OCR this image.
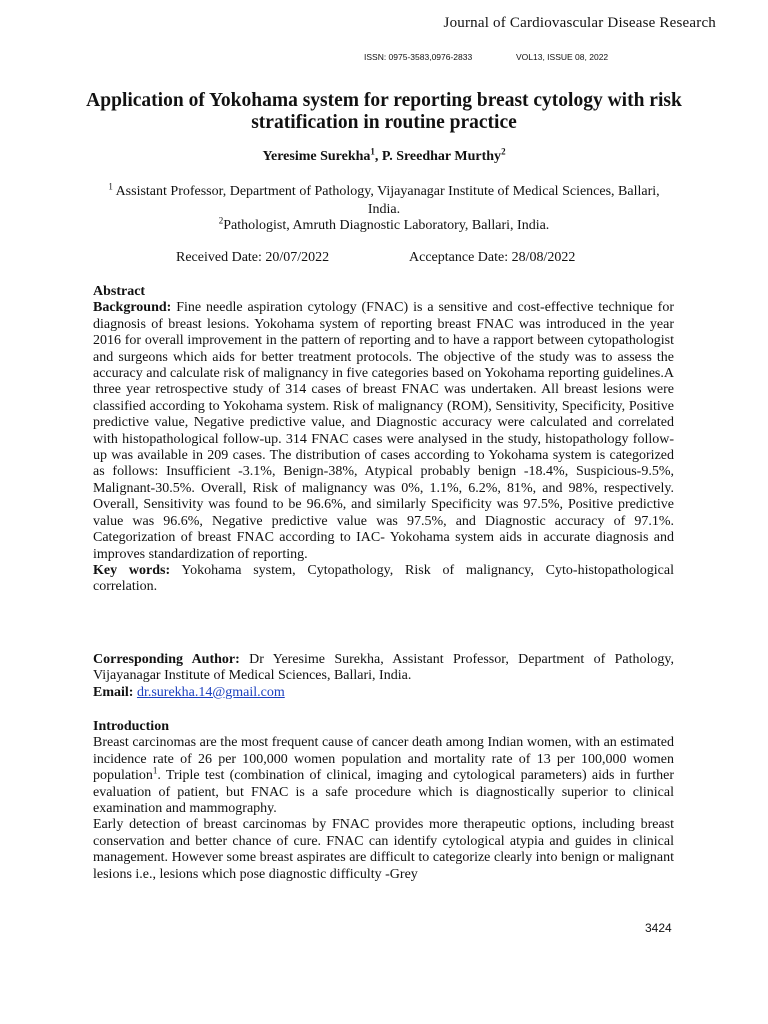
Journal of Cardiovascular Disease Research
ISSN: 0975-3583,0976-2833	VOL13, ISSUE 08, 2022
Application of Yokohama system for reporting breast cytology with risk stratification in routine practice
Yeresime Surekha$^1$, P. Sreedhar Murthy$^2$
$^1$ Assistant Professor, Department of Pathology, Vijayanagar Institute of Medical Sciences, Ballari, India.
$^2$Pathologist, Amruth Diagnostic Laboratory, Ballari, India.
Received Date: 20/07/2022	Acceptance Date: 28/08/2022

Abstract

Background: Fine needle aspiration cytology (FNAC) is a sensitive and cost-effective technique for diagnosis of breast lesions. Yokohama system of reporting breast FNAC was introduced in the year 2016 for overall improvement in the pattern of reporting and to have a rapport between cytopathologist and surgeons which aids for better treatment protocols. The objective of the study was to assess the accuracy and calculate risk of malignancy in five categories based on Yokohama reporting guidelines.A three year retrospective study of 314 cases of breast FNAC was undertaken. All breast lesions were classified according to Yokohama system. Risk of malignancy (ROM), Sensitivity, Specificity, Positive predictive value, Negative predictive value, and Diagnostic accuracy were calculated and correlated with histopathological follow-up. 314 FNAC cases were analysed in the study, histopathology follow-up was available in 209 cases. The distribution of cases according to Yokohama system is categorized as follows: Insufficient -3.1%, Benign-38%, Atypical probably benign -18.4%, Suspicious-9.5%, Malignant-30.5%. Overall, Risk of malignancy was 0%, 1.1%, 6.2%, 81%, and 98%, respectively. Overall, Sensitivity was found to be 96.6%, and similarly Specificity was 97.5%, Positive predictive value was 96.6%, Negative predictive value was 97.5%, and Diagnostic accuracy of 97.1%. Categorization of breast FNAC according to IAC- Yokohama system aids in accurate diagnosis and improves standardization of reporting.

Key words: Yokohama system, Cytopathology, Risk of malignancy, Cyto-histopathological correlation.

Corresponding Author: Dr Yeresime Surekha, Assistant Professor, Department of Pathology, Vijayanagar Institute of Medical Sciences, Ballari, India.

Email: dr.surekha.14@gmail.com

Introduction

Breast carcinomas are the most frequent cause of cancer death among Indian women, with an estimated incidence rate of 26 per 100,000 women population and mortality rate of 13 per 100,000 women population$^1$. Triple test (combination of clinical, imaging and cytological parameters) aids in further evaluation of patient, but FNAC is a safe procedure which is diagnostically superior to clinical examination and mammography.

Early detection of breast carcinomas by FNAC provides more therapeutic options, including breast conservation and better chance of cure. FNAC can identify cytological atypia and guides in clinical management. However some breast aspirates are difficult to categorize clearly into benign or malignant lesions i.e., lesions which pose diagnostic difficulty -Grey

3424
